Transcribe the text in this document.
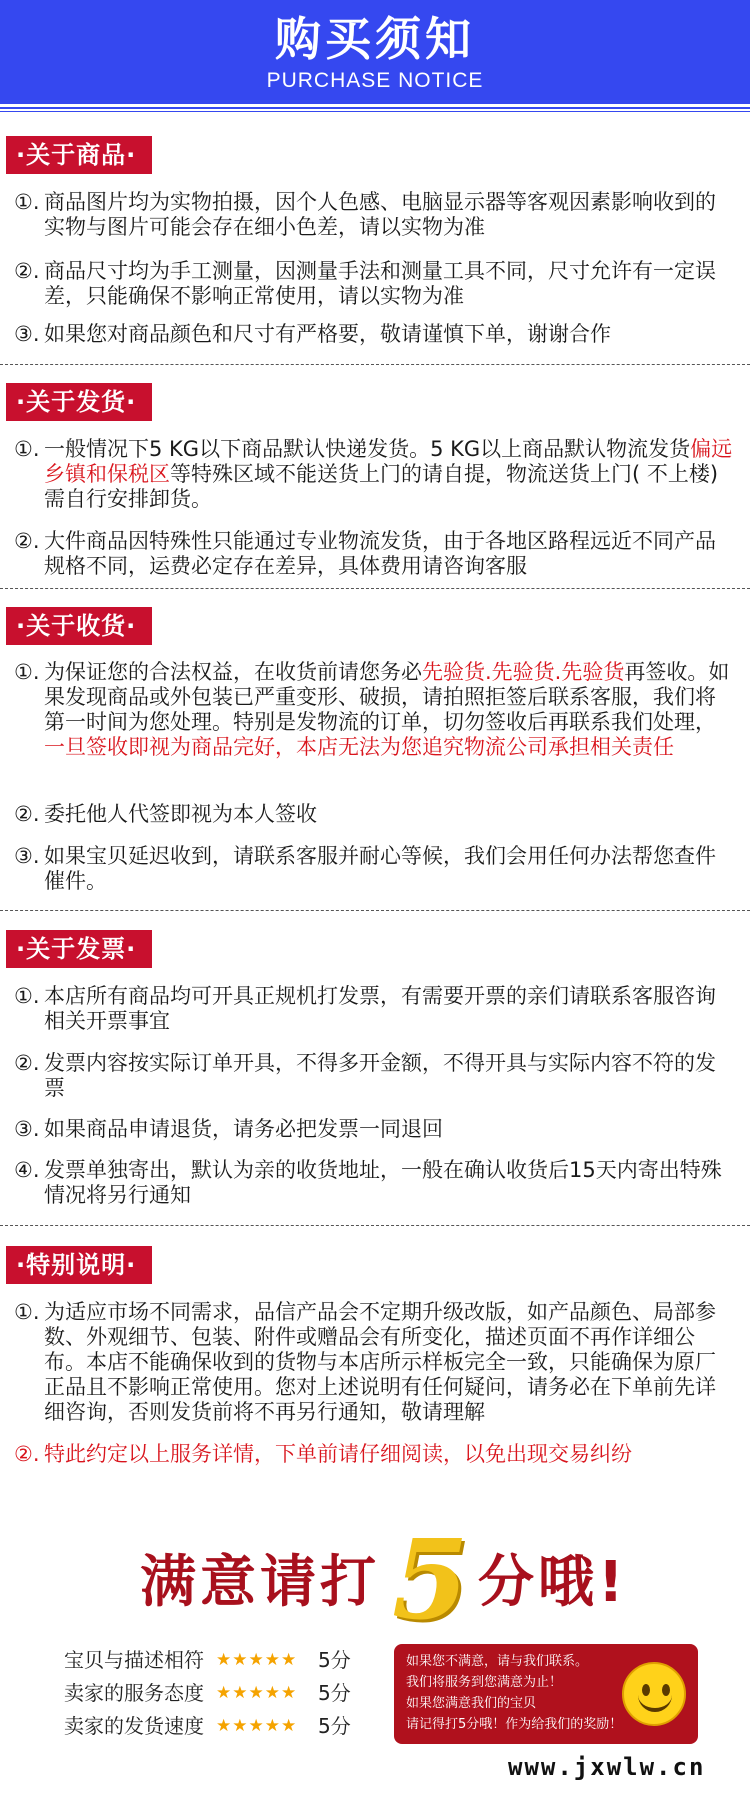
购买须知
PURCHASE NOTICE
·关于商品·
①. 商品图片均为实物拍摄，因个人色感、电脑显示器等客观因素影响收到的实物与图片可能会存在细小色差，请以实物为准
②. 商品尺寸均为手工测量，因测量手法和测量工具不同，尺寸允许有一定误差，只能确保不影响正常使用，请以实物为准
③. 如果您对商品颜色和尺寸有严格要，敬请谨慎下单，谢谢合作
·关于发货·
①. 一般情况下5 KG以下商品默认快递发货。5 KG以上商品默认物流发货偏远乡镇和保税区等特殊区域不能送货上门的请自提，物流送货上门( 不上楼) 需自行安排卸货。
②. 大件商品因特殊性只能通过专业物流发货，由于各地区路程远近不同产品规格不同，运费必定存在差异，具体费用请咨询客服
·关于收货·
①. 为保证您的合法权益，在收货前请您务必先验货.先验货.先验货再签收。如果发现商品或外包装已严重变形、破损，请拍照拒签后联系客服，我们将第一时间为您处理。特别是发物流的订单，切勿签收后再联系我们处理，一旦签收即视为商品完好，本店无法为您追究物流公司承担相关责任
②. 委托他人代签即视为本人签收
③. 如果宝贝延迟收到，请联系客服并耐心等候，我们会用任何办法帮您查件催件。
·关于发票·
①. 本店所有商品均可开具正规机打发票，有需要开票的亲们请联系客服咨询相关开票事宜
②. 发票内容按实际订单开具，不得多开金额，不得开具与实际内容不符的发票
③. 如果商品申请退货，请务必把发票一同退回
④. 发票单独寄出，默认为亲的收货地址，一般在确认收货后15天内寄出特殊情况将另行通知
·特别说明·
①. 为适应市场不同需求，品信产品会不定期升级改版，如产品颜色、局部参数、外观细节、包装、附件或赠品会有所变化，描述页面不再作详细公布。本店不能确保收到的货物与本店所示样板完全一致，只能确保为原厂正品且不影响正常使用。您对上述说明有任何疑问，请务必在下单前先详细咨询，否则发货前将不再另行通知，敬请理解
②. 特此约定以上服务详情，下单前请仔细阅读，以免出现交易纠纷
满意请打 5 分哦!
宝贝与描述相符 ★★★★★ 5分
卖家的服务态度 ★★★★★ 5分
卖家的发货速度 ★★★★★ 5分
如果您不满意，请与我们联系。
我们将服务到您满意为止！
如果您满意我们的宝贝
请记得打5分哦！作为给我们的奖励！
www.jxwlw.cn
